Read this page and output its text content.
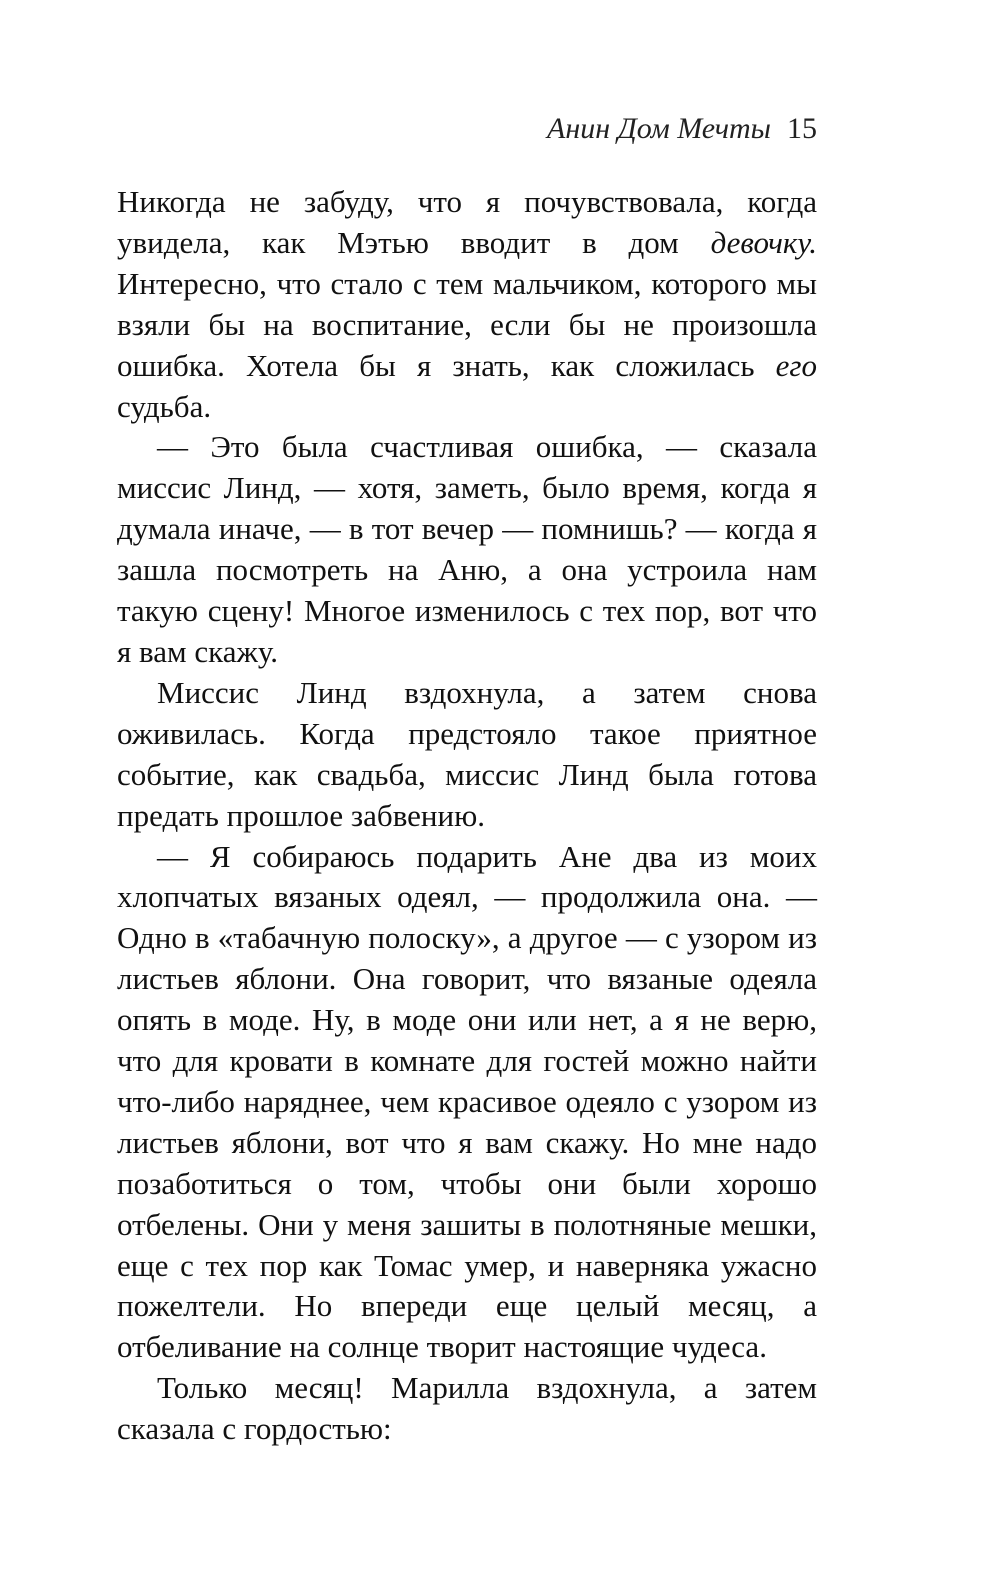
Анин Дом Мечты 15

Никогда не забуду, что я почувствовала, когда увидела, как Мэтью вводит в дом девочку. Интересно, что стало с тем мальчиком, которого мы взяли бы на воспитание, если бы не произошла ошибка. Хотела бы я знать, как сложилась его судьба.

— Это была счастливая ошибка, — сказала миссис Линд, — хотя, заметь, было время, когда я думала иначе, — в тот вечер — помнишь? — когда я зашла посмотреть на Аню, а она устроила нам такую сцену! Многое изменилось с тех пор, вот что я вам скажу.

Миссис Линд вздохнула, а затем снова оживилась. Когда предстояло такое приятное событие, как свадьба, миссис Линд была готова предать прошлое забвению.

— Я собираюсь подарить Ане два из моих хлопчатых вязаных одеял, — продолжила она. — Одно в «табачную полоску», а другое — с узором из листьев яблони. Она говорит, что вязаные одеяла опять в моде. Ну, в моде они или нет, а я не верю, что для кровати в комнате для гостей можно найти что-либо наряднее, чем красивое одеяло с узором из листьев яблони, вот что я вам скажу. Но мне надо позаботиться о том, чтобы они были хорошо отбелены. Они у меня зашиты в полотняные мешки, еще с тех пор как Томас умер, и наверняка ужасно пожелтели. Но впереди еще целый месяц, а отбеливание на солнце творит настоящие чудеса.

Только месяц! Марилла вздохнула, а затем сказала с гордостью:
